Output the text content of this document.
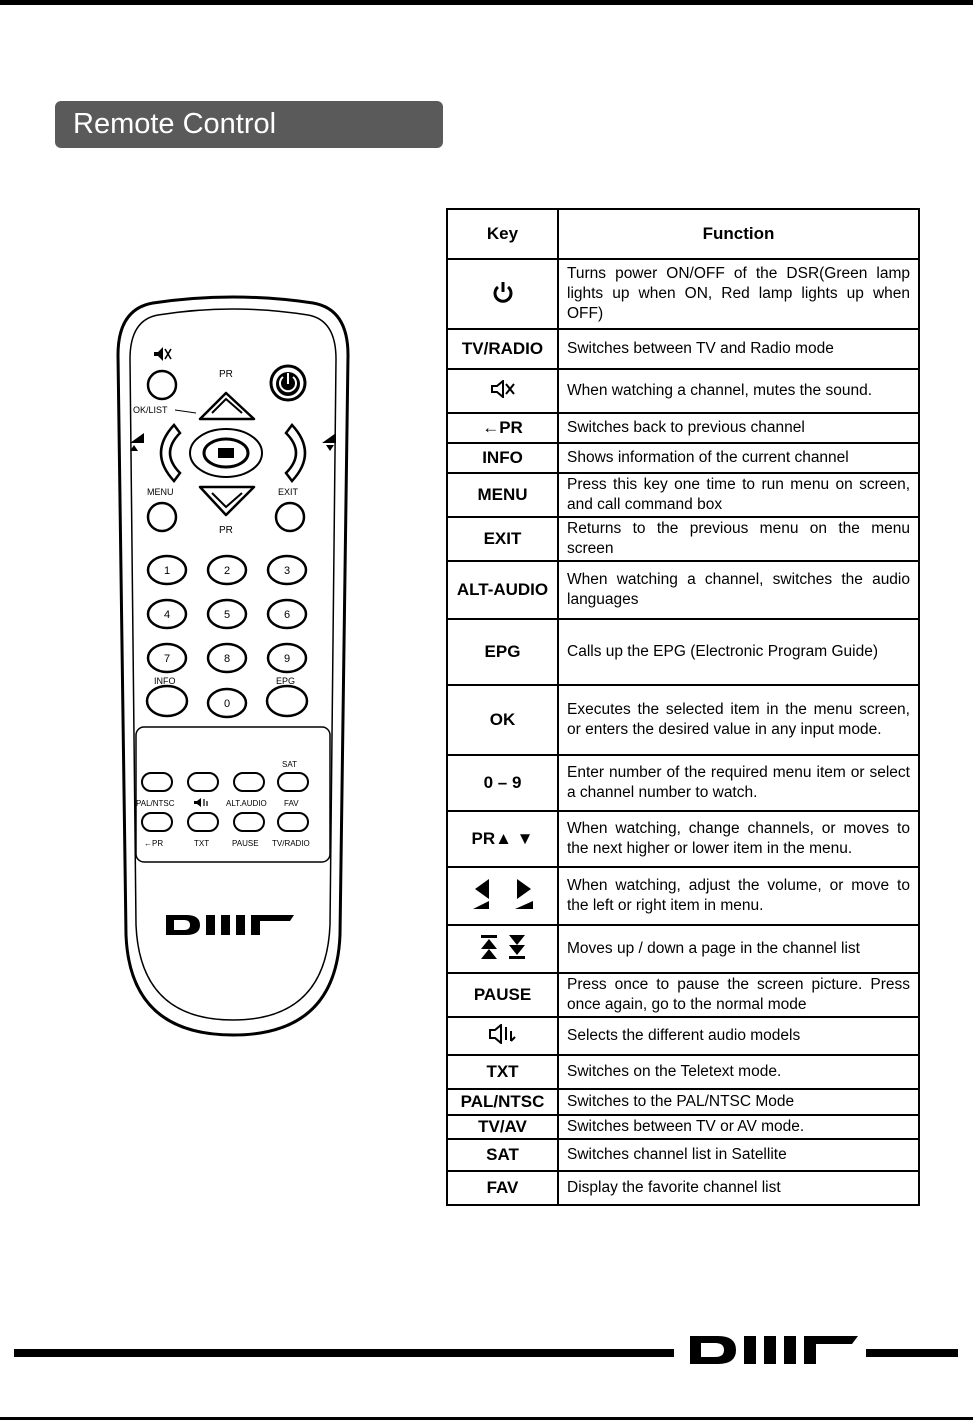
Remote Control
PR
OK/LIST
PR
MENU	EXIT
1	2	3
4	5	6
7	8	9
0
INFO	EPG
SAT
PAL/NTSC	ALT.AUDIO FAV
←PR	TXT	PAUSE TV/RADIO
Key	Function
	Turns power ON/OFF of the DSR(Green lamp lights up when ON, Red lamp lights up when OFF)
TV/RADIO	Switches between TV and Radio mode
	When watching a channel, mutes the sound.
←PR	Switches back to previous channel
INFO	Shows information of the current channel
MENU	Press this key one time to run menu on screen, and call command box
EXIT	Returns to the previous menu on the menu screen
ALT-AUDIO	When watching a channel, switches the audio languages
EPG	Calls up the EPG (Electronic Program Guide)
OK	Executes the selected item in the menu screen, or enters the desired value in any input mode.
0 – 9	Enter number of the required menu item or select a channel number to watch.
PR▲ ▼	When watching, change channels, or moves to the next higher or lower item in the menu.
	When watching, adjust the volume, or move to the left or right item in menu.
	Moves up / down a page in the channel list
PAUSE	Press once to pause the screen picture. Press once again, go to the normal mode
	Selects the different audio models
TXT	Switches on the Teletext mode.
PAL/NTSC	Switches to the PAL/NTSC Mode
TV/AV	Switches between TV or AV mode.
SAT	Switches channel list in Satellite
FAV	Display the favorite channel list
